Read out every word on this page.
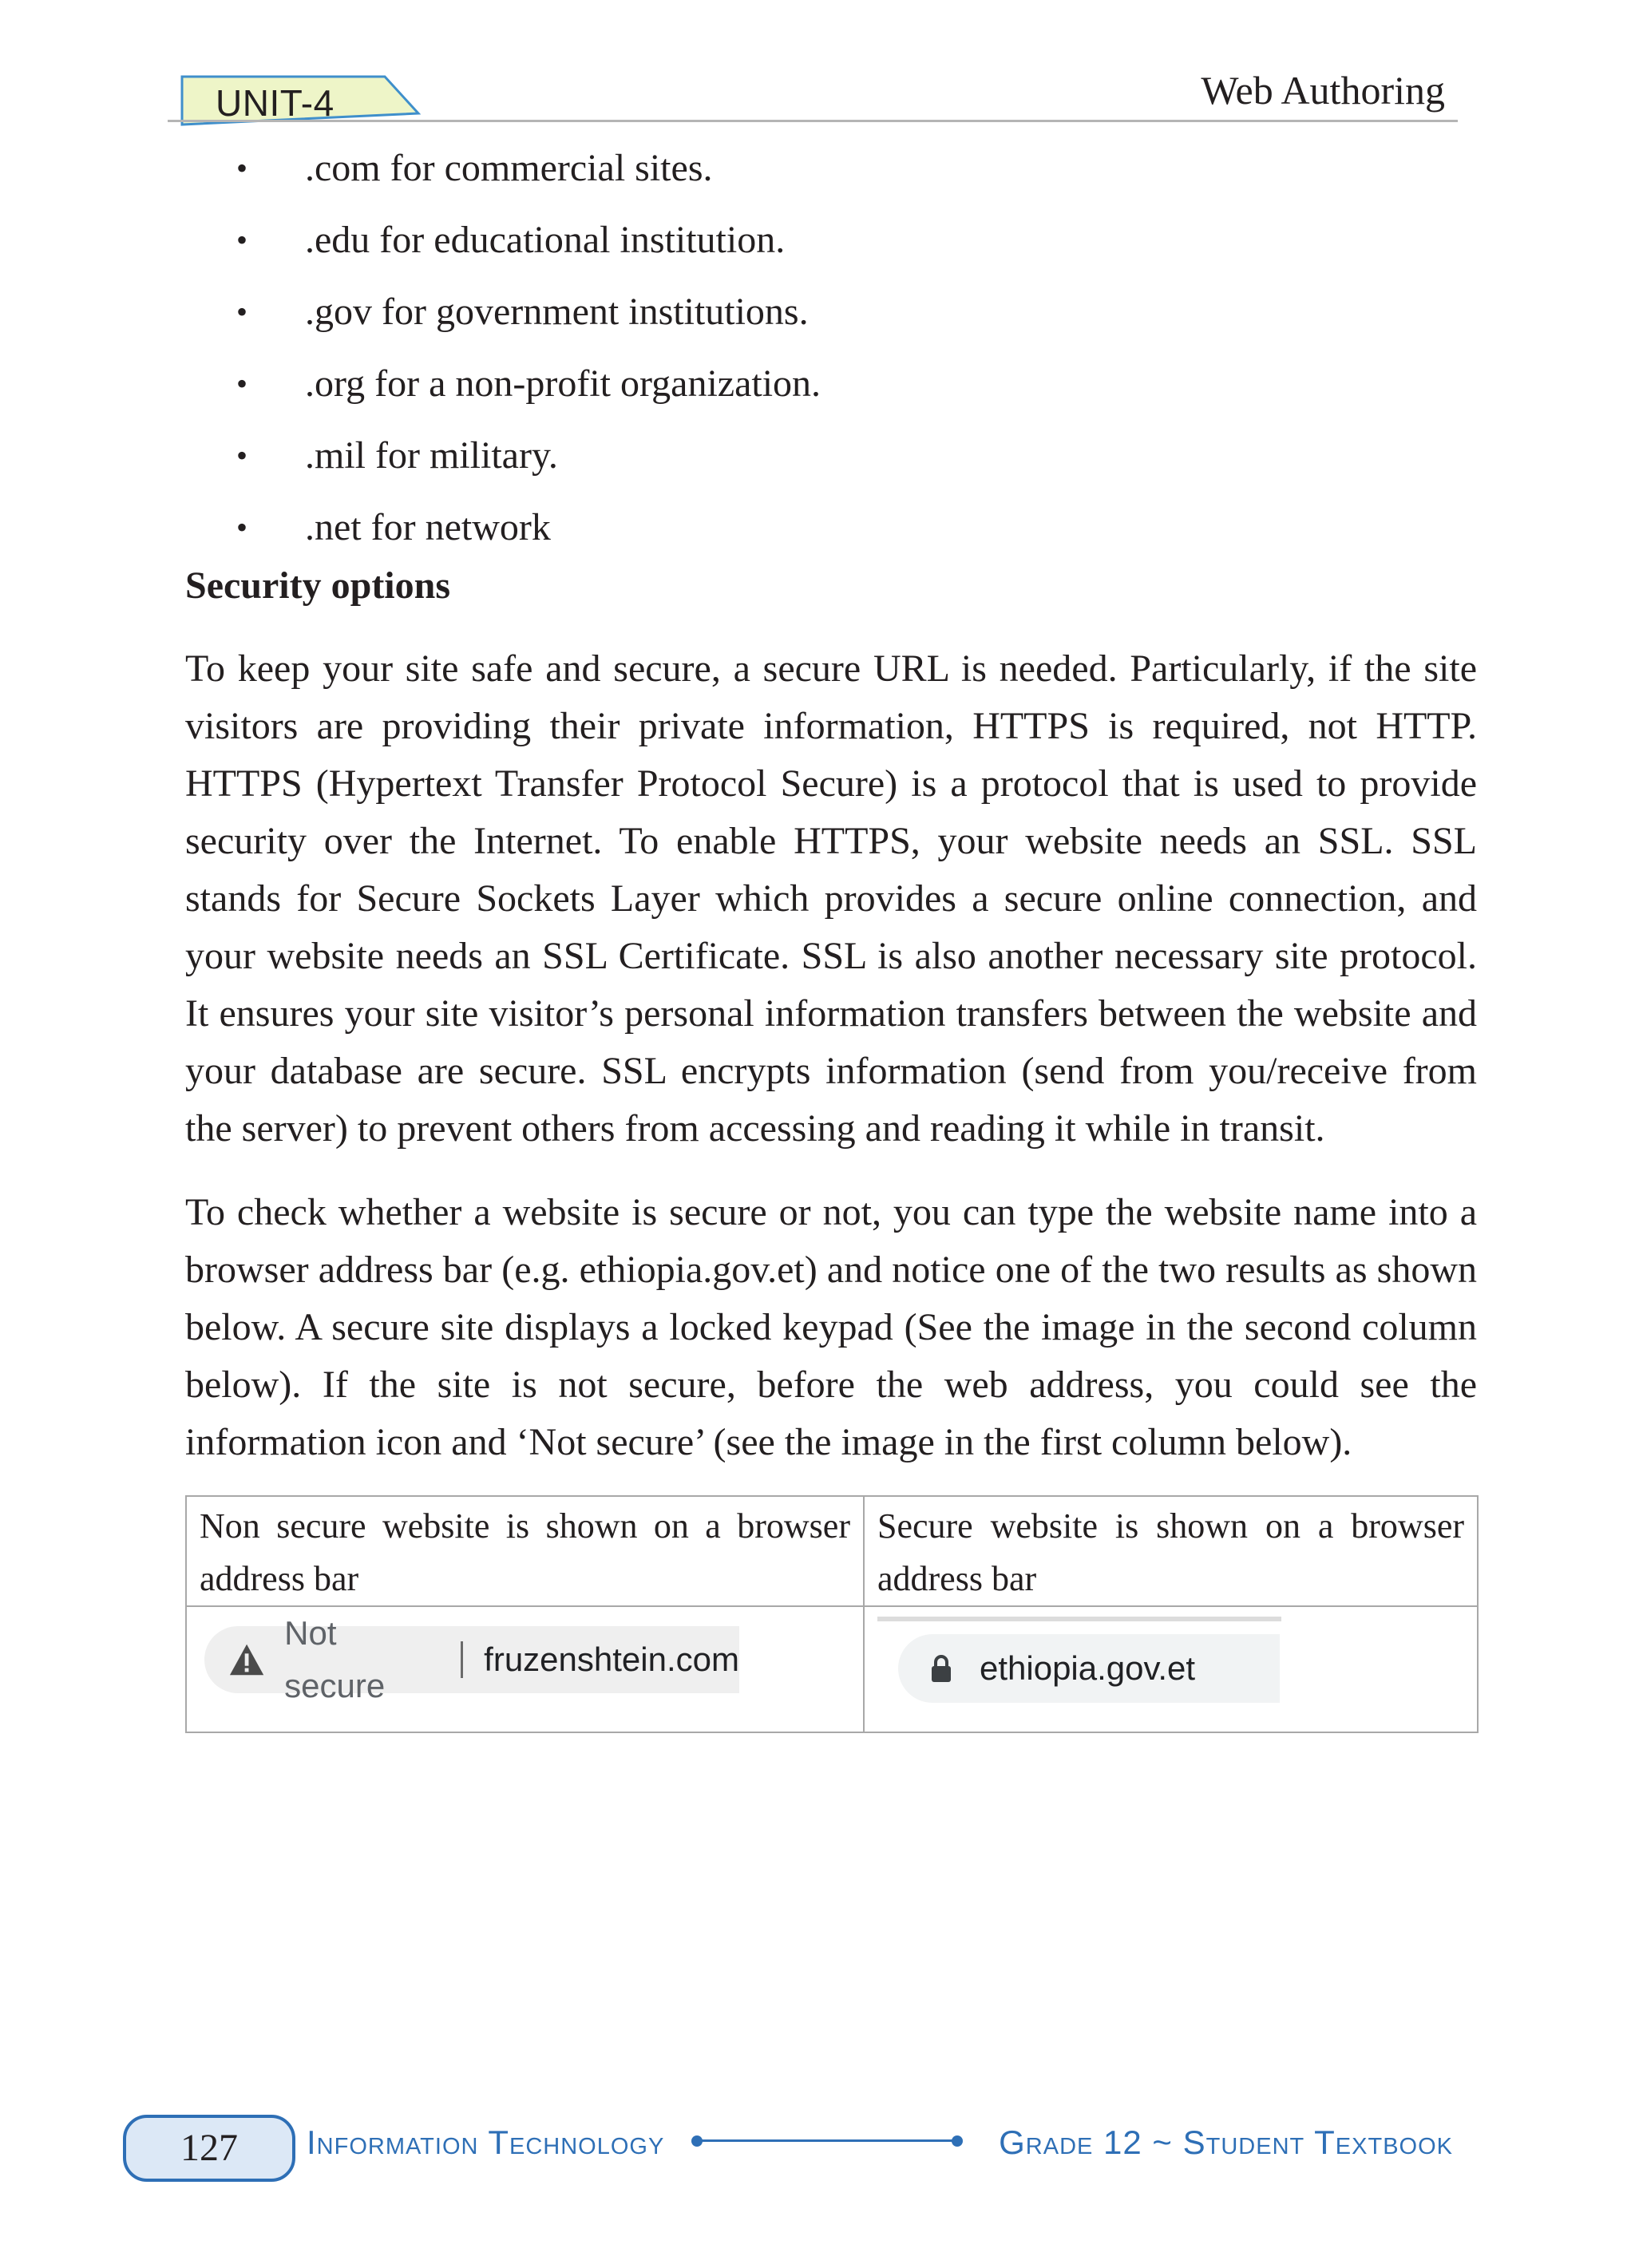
UNIT-4	Web Authoring
• .com for commercial sites.
• .edu for educational institution.
• .gov for government institutions.
• .org for a non-profit organization.
• .mil for military.
• .net for network
Security options

To keep your site safe and secure, a secure URL is needed. Particularly, if the site visitors are providing their private information, HTTPS is required, not HTTP. HTTPS (Hypertext Transfer Protocol Secure) is a protocol that is used to provide security over the Internet. To enable HTTPS, your website needs an SSL. SSL stands for Secure Sockets Layer which provides a secure online connection, and your website needs an SSL Certificate. SSL is also another necessary site protocol. It ensures your site visitor’s personal information transfers between the website and your database are secure. SSL encrypts information (send from you/receive from the server) to prevent others from accessing and reading it while in transit.

To check whether a website is secure or not, you can type the website name into a browser address bar (e.g. ethiopia.gov.et) and notice one of the two results as shown below. A secure site displays a locked keypad (See the image in the second column below). If the site is not secure, before the web address, you could see the information icon and ‘Not secure’ (see the image in the first column below).

Non secure website is shown on a browser address bar	Secure website is shown on a browser address bar

Not secure
fruzenshtein.com	ethiopia.gov.et
127	Information Technology	Grade 12 ~ Student Textbook
